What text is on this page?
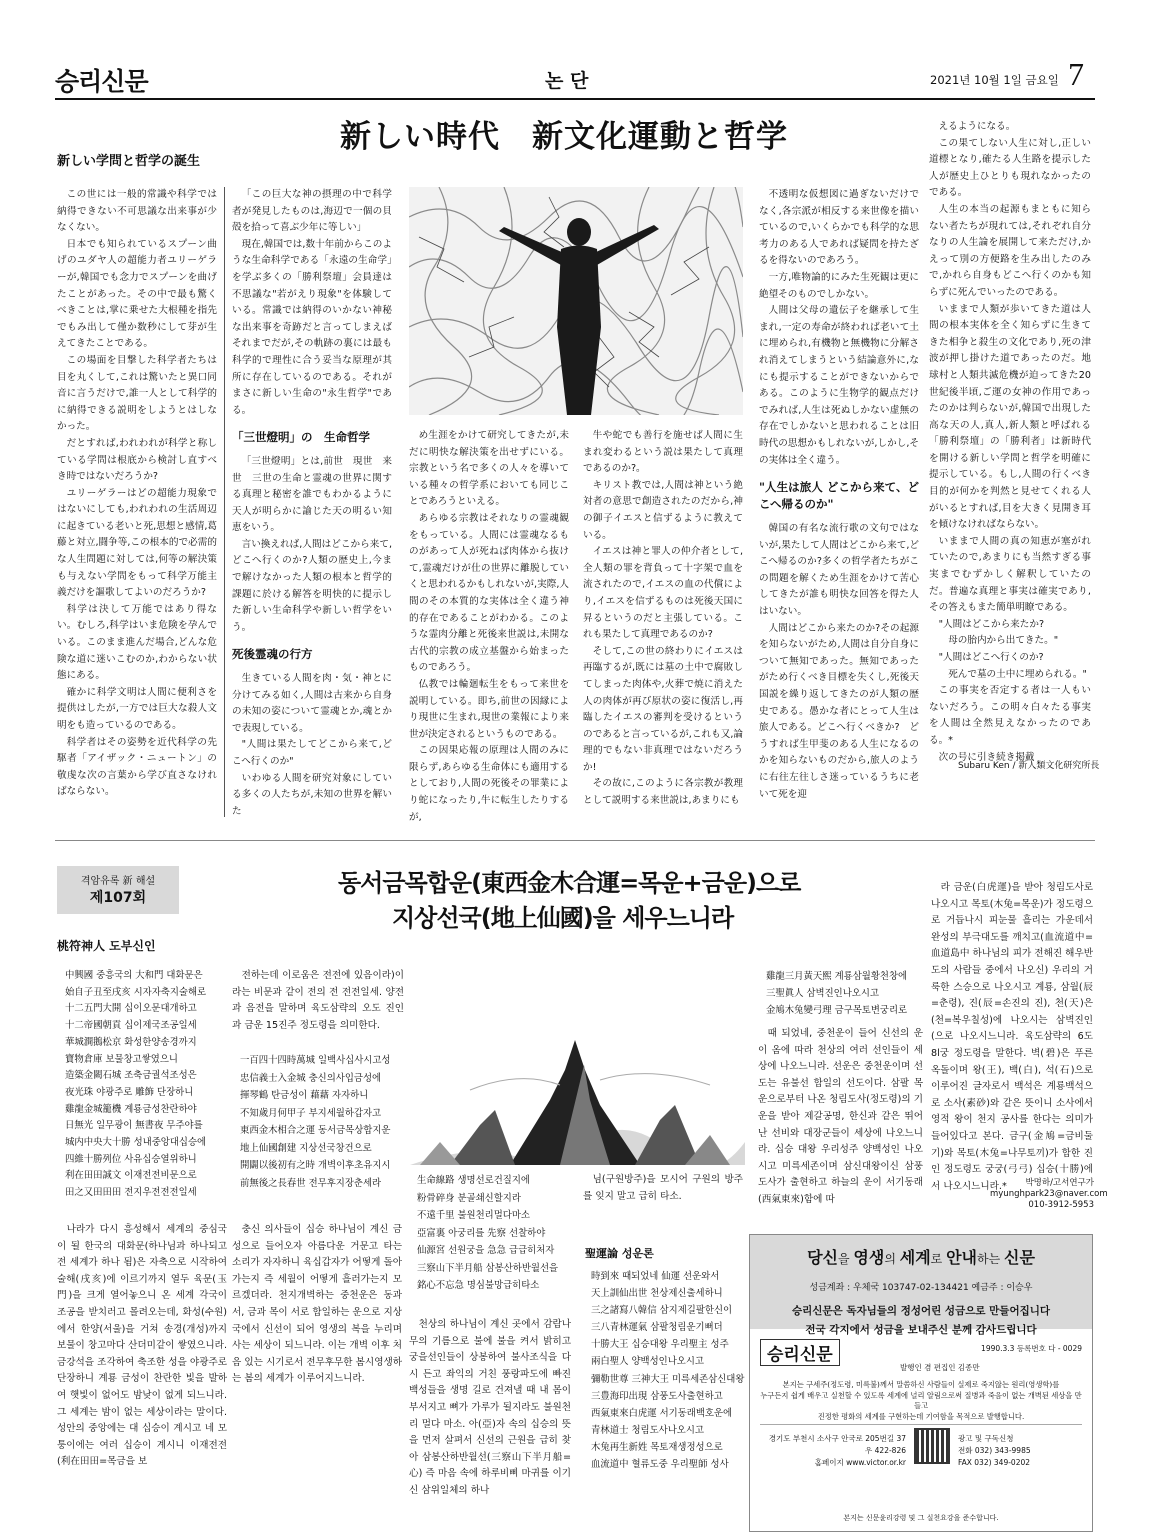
승리신문	논 단	2021년 10월 1일 금요일 7
新しい時代　新文化運動と哲学
新しい学問と哲学の誕生

この世には一般的常識や科学では納得できない不可思議な出来事が少なくない。

日本でも知られているスプーン曲げのユダヤ人の超能力者ユリーゲラーが,韓国でも念力でスプーンを曲げたことがあった。その中で最も驚くべきことは,掌に乗せた大根種を指先でもみ出して僅か数秒にして芽が生えてきたことである。

この場面を目撃した科学者たちは目を丸くして,これは驚いたと異口同音に言うだけで,誰一人として科学的に納得できる説明をしようとはしなかった。

だとすれば,われわれが科学と称している学問は根底から検討し直すべき時ではないだろうか?

ユリーゲラーはどの超能力現象ではないにしても,われわれの生活周辺に起きている老いと死,思想と感情,葛藤と対立,闘争等,この根本的で必需的な人生問題に対しては,何等の解決策も与えない学問をもって科学万能主義だけを謳歌してよいのだろうか?

科学は決して万能ではあり得ない。むしろ,科学はいま危険を孕んでいる。このまま進んだ場合,どんな危険な道に迷いこむのか,わからない状態にある。

確かに科学文明は人間に便利さを提供はしたが,一方では巨大な殺人文明をも造っているのである。

科学者はその姿勢を近代科学の先駆者「アイザック・ニュートン」の敬虔な次の言葉から学び直さなければならない。

「この巨大な神の摂理の中で科学者が発見したものは,海辺で一個の貝殻を拾って喜ぶ少年に等しい」

現在,韓国では,数十年前からこのような生命科学である「永遠の生命学」を学ぶ多くの「勝利祭壇」会員達は不思議な"若がえり現象"を体験している。常識では納得のいかない神秘な出来事を奇跡だと言ってしまえばそれまでだが,その軌跡の裏には最も科学的で理性に合う妥当な原理が其所に存在しているのである。それがまさに新しい生命の"永生哲学"である。

「三世燈明」の　生命哲学

「三世燈明」とは,前世　現世　来世　三世の生命と霊魂の世界に関する真理と秘密を誰でもわかるように天人が明らかに諭じた天の明るい知恵をいう。

言い換えれば,人間はどこから来て,どこへ行くのか?人類の歴史上,今まで解けなかった人類の根本と哲学的課題に於ける解答を明快的に提示した新しい生命科学や新しい哲学をいう。

死後霊魂の行方

生きている人間を肉・気・神とに分けてみる如く,人間は古来から自身の未知の姿について霊魂とか,魂とかで表現している。

"人間は果たしてどこから来て,どこへ行くのか"

いわゆる人間を研究対象にしている多くの人たちが,未知の世界を解いた

め生涯をかけて研究してきたが,未だに明快な解決策を出せずにいる。宗教という名で多くの人々を導いている種々の哲学系においても同じことであろうといえる。

あらゆる宗教はそれなりの霊魂観をもっている。人間には霊魂なるものがあって人が死ねば肉体から抜けて,霊魂だけが仕の世界に離脱していくと思われるかもしれないが,実際,人間のその本質的な実体は全く違う神的存在であることがわかる。このような霊肉分離と死後来世説は,未開な古代的宗教の成立基盤から始まったものであろう。

仏教では輪廻転生をもって来世を説明している。即ち,前世の因縁により現世に生まれ,現世の業報により来世が決定されるというものである。

この因果応報の原理は人間のみに限らず,あらゆる生命体にも適用するとしており,人間の死後その罪業により蛇になったり,牛に転生したりするが,

牛や蛇でも善行を施せば人間に生まれ変わるという説は果たして真理であるのか?。

キリスト教では,人間は神という絶対者の意思で創造されたのだから,神の御子イエスと信ずるように教えている。

イエスは神と罪人の仲介者として,全人類の罪を背負って十字架で血を流されたので,イエスの血の代償により,イエスを信ずるものは死後天国に昇るというのだと主張している。これも果たして真理であるのか?

そして,この世の終わりにイエスは再臨するが,既には墓の土中で腐敗してしまった肉体や,火葬で焼に消えた人の肉体が再び原状の姿に復活し,再臨したイエスの審判を受けるというのであると言っているが,これも又,論理的でもない非真理ではないだろうか!

その故に,このように各宗教が教理として説明する来世説は,あまりにも

不透明な仮想図に過ぎないだけでなく,各宗派が相反する来世像を描いているので,いくらかでも科学的な思考力のある人であれば疑問を持たざるを得ないのであろう。

一方,唯物論的にみた生死観は更に絶望そのものでしかない。

人間は父母の遺伝子を継承して生まれ,一定の寿命が終われば老いて土に埋められ,有機物と無機物に分解され消えてしまうという結論意外に,なにも提示することができないからである。このように生物学的観点だけでみれば,人生は死ぬしかない虚無の存在でしかないと思われることは旧時代の思想かもしれないが,しかし,その実体は全く違う。

"人生は旅人 どこから来て、どこへ帰るのか"

韓国の有名な流行歌の文句ではないが,果たして人間はどこから来て,どこへ帰るのか?多くの哲学者たちがこの問題を解くため生涯をかけて苦心してきたが誰も明快な回答を得た人はいない。

人間はどこから来たのか?その起源を知らないがため,人間は自分自身について無知であった。無知であったがため行くべき目標を失くし,死後天国説を繰り返してきたのが人類の歴史である。愚かな者にとって人生は旅人である。どこへ行くべきか?　どうすれば生甲斐のある人生になるのかを知らないものだから,旅人のように右往左往しさ迷っているうちに老いて死を迎

えるようになる。

この果てしない人生に対し,正しい道標となり,確たる人生路を提示した人が歴史上ひとりも現れなかったのである。

人生の本当の起源もまともに知らない者たちが現れては,それぞれ自分なりの人生論を展開して来ただけ,かえって別の方便路を生み出したのみで,かれら自身もどこへ行くのかも知らずに死んでいったのである。

いままで人類が歩いてきた道は人間の根本実体を全く知らずに生きてきた相争と殺生の文化であり,死の津波が押し掛けた道であったのだ。地球村と人類共滅危機が迫ってきた20世紀後半頃,ご運の女神の作用であったのかは判らないが,韓国で出現した高な天の人,真人,新人類と呼ばれる「勝利祭壇」の「勝利者」は新時代を開ける新しい学問と哲学を明確に提示している。もし,人間の行くべき目的が何かを判然と見せてくれる人がいるとすれば,目を大きく見開き耳を傾けなければならない。

いままで人間の真の知恵が塞がれていたので,あまりにも当然すぎる事実までむずかしく解釈していたのだ。普遍な真理と事実は確実であり,その答えもまた簡単明瞭である。

"人間はどこから来たか?
母の胎内から出てきた。"
"人間はどこへ行くのか?
死んで墓の土中に埋められる。"

この事実を否定する者は一人もいないだろう。この明々白々たる事実を人間は全然見えなかったのである。*

次の号に引き続き掲載

Subaru Ken / 新人類文化研究所長
격암유록 新 해설
제107회
桃符神人 도부신인
동서금목합운(東西金木合運=목운+금운)으로
지상선국(地上仙國)을 세우느니라
中興國 중흥국의 大和門 대화문은
始自子丑至戌亥 시자자축지술해로
十二五門大開 십이오문대개하고
十二帝國朝貢 십이제국조공일세
華城澗鵝松京 화성한양송경까지
寶物倉庫 보물창고쌓였으니
造築金闕石城 조축금궐석조성은
夜光珠 야광주로 雕飾 단장하니
雞龍金城籠機 계룡금성찬란하야
日無光 일무광이 無書夜 무주야를
城内中央大十勝 성내중앙대십승에
四維十勝列位 사유십승열위하니
利在田田誠文 이재전전비문으로
田之又田田田 전지우전전전일세

나라가 다시 흥성해서 세계의 중심국이 될 한국의 대화문(하나님과 하나되고 전 세계가 하나 됨)은 자축으로 시작하여 술해(戌亥)에 이르기까지 열두 육문(玉門)을 크게 열어놓으니 온 세계 각국이 조공을 받치러고 몰려오는데, 화성(수원)에서 한양(서울)을 거쳐 송경(개성)까지 보물이 창고마다 산더미같이 쌓였으니라. 금강석을 조각하여 축조한 성을 야광주로 단장하니 계룡 금성이 찬란한 빛을 발하여 햇빛이 없어도 밤낮이 없게 되느니라. 그 세계는 밤이 없는 세상이라는 말이다. 성안의 중앙에는 대 십승이 계시고 네 모퉁이에는 여러 십승이 계시니 이재전전(利在田田=목금을 보

전하는데 이로움은 전전에 있음이라)이라는 비문과 같이 전의 전 전전일세. 양전과 음전을 말하며 육도삼략의 오도 진인과 금운 15진주 정도령을 의미한다.

一百四十四時萬城 일백사십사시고성
忠信義士入金城 충신의사입금성에
揮琴鶴 탄금성이 藉藉 자자하니
不知歲月何甲子 부지세월하갑자고
東西金木相合之運 동서금목상합지운
地上仙國創建 지상선국창건으로
開闢以後初有之時 개벽이후초유지시
前無後之長春世 전무후지장춘세라

충신 의사들이 십승 하나님이 계신 금성으로 들어오자 아름다운 거문고 타는 소리가 자자하니 육십갑자가 어떻게 돌아가는지 즉 세월이 어떻게 흘러가는지 모르겠더라. 천지개벽하는 중천운은 동과 서, 금과 목이 서로 합일하는 운으로 지상국에서 신선이 되어 영생의 복을 누리며 사는 세상이 되느니라. 이는 개벽 이후 처음 있는 시기로서 전무후무한 봄시영생하는 봄의 세계가 이루어지느니라.

生命線路 생명선로건질지에
粉骨碎身 분골쇄신할지라
不遠千里 불원천리멀다마소
亞富裏 아궁리를 先察 선찰하야
仙源宮 선원궁을 急急 급급히처자
三察山下半月船 삼봉산하반월선을
銘心不忘急 명심불망급히타소

천상의 하나님이 계신 곳에서 감람나무의 기름으로 불에 불을 켜서 밝히고 궁을선인들이 상봉하여 불사조식을 다시 든고 좌익의 거친 풍랑파도에 빠진 백성들을 생명 길로 건져낼 때 내 몸이 부서지고 뼈가 가루가 될지라도 불원천리 멀다 마소. 아(亞)자 속의 십승의 뜻을 먼저 살펴서 신선의 근원을 급히 찾아 삼봉산하반월선(三察山下半月船=心) 즉 마음 속에 하루비삐 마귀를 이기신 삼위일체의 하나

님(구원방주)을 모시어 구원의 방주를 잊지 말고 급히 타소.

聖運論 성운론
時到來 때되었네 仙運 선운와서
天上訓仙出世 천상제신출세하니
三之諸寫八韓信 삼지제길팔한신이
三八青林運氣 삼팔청림운기뻐더
十勝大王 십승대왕 우리聖主 성주
兩白聖人 양백성인나오시고
彌勒世尊 三神大王 미륵세존삼신대왕
三豊海印出現 삼풍도사출현하고
西氣東來白虎運 서기동래백호운에
青林道士 청림도사나오시고
木兔再生新姓 목토재생정성으로
血流道中 혈류도중 우리聖師 성사
雞龍三月黃天熙 계룡삼월황천창에
三聖眞人 삼벽진인나오시고
金鳩木兔變弓理 금구목토변궁리로

때 되었네, 중천운이 들어 신선의 운이 옴에 따라 천상의 여러 선인들이 세상에 나오느니라. 선운은 중천운이며 선도는 유불선 합일의 선도이다. 삼팔 목운으로부터 나온 청림도사(정도령)의 기운을 받아 제갈공명, 한신과 같은 뛰어난 선비와 대장군들이 세상에 나오느니라. 십승 대왕 우리성주 양백성인 나오시고 미륵세존이며 삼신대왕이신 삼풍 도사가 출현하고 하늘의 운이 서기동래(西氣東來)함에 따

라 금운(白虎運)을 받아 청림도사로 나오시고 목토(木兔=목운)가 정도령으로 거듭나시 피눈물 흘리는 가운데서 완성의 부극대도를 깨치고(血流道中=血道島中 하나님의 피가 전해진 해우반도의 사람들 중에서 나오신) 우리의 거룩한 스승으로 나오시고 계룡, 삼월(辰=춘령), 진(辰=손진의 진), 천(天)은(천=복우칠성)에 나오시는 삼벽진인(으로 나오시느니라. 육도삼략의 6도 8l궁 정도령을 말한다. 벽(碧)은 푸른 옥돌이며 왕(王), 백(白), 석(石)으로 이루어진 글자로서 백석은 계룡백석으로 소사(素砂)와 같은 뜻이니 소사에서 영적 왕이 천지 공사를 한다는 의미가 들어있다고 본다. 금구(金鳩=금비둘기)와 목토(木兔=나무토끼)가 합한 진인 정도령도 궁궁(弓弓) 십승(十勝)에서 나오시느니라.*	박명하/고서연구가
myunghpark23@naver.com
010-3912-5953
당신을 영생의 세계로 안내하는 신문
성금계좌 : 우체국 103747-02-134421 예금주 : 이승우
승리신문은 독자님들의 정성어린 성금으로 만들어집니다
전국 각지에서 성금을 보내주신 분께 감사드립니다
승리신문	1990.3.3 등록번호 다 - 0029
발행인 겸 편집인 김종만
본지는 구세주(정도령, 미륵불)께서 말씀하신 사람들이 실제로 죽지않는 원리(영생학)를
누구든지 쉽게 배우고 실천할 수 있도록 세계에 널리 알림으로써 질병과 죽음이 없는 개벽된 세상을 만들고
진정한 평화의 세계를 구현하는데 기여함을 목적으로 발행합니다.
경기도 부천시 소사구 안국로 205번길 37
우 422-826
홈페이지 www.victor.or.kr
광고 및 구독신청
전화 032) 343-9985
FAX 032) 349-0202
본지는 신문윤리강령 및 그 실천요강을 준수합니다.
